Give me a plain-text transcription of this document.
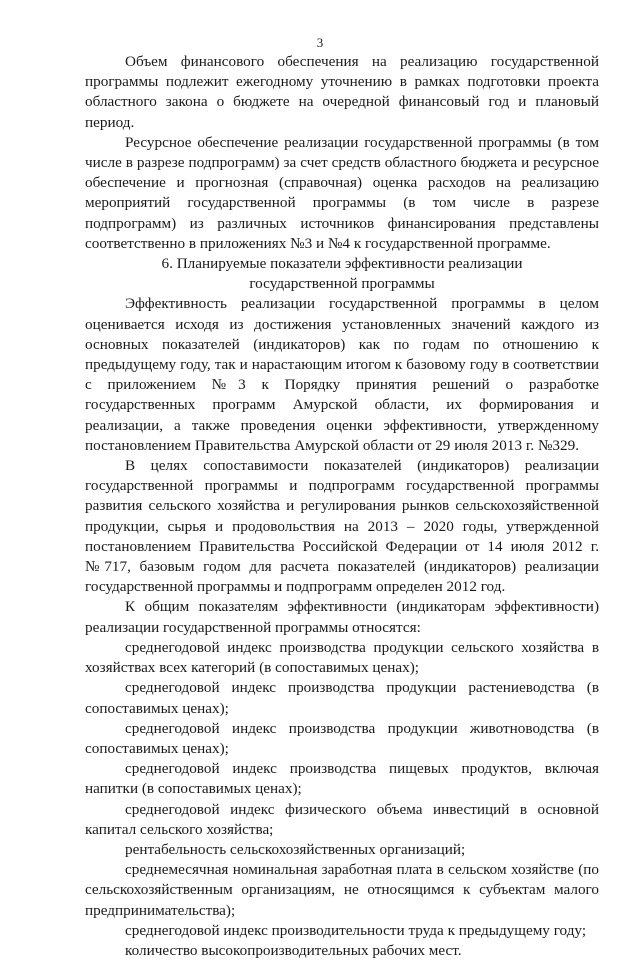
3

Объем финансового обеспечения на реализацию государственной программы подлежит ежегодному уточнению в рамках подготовки проекта областного закона о бюджете на очередной финансовый год и плановый период.

Ресурсное обеспечение реализации государственной программы (в том числе в разрезе подпрограмм) за счет средств областного бюджета и ресурсное обеспечение и прогнозная (справочная) оценка расходов на реализацию мероприятий государственной программы (в том числе в разрезе подпрограмм) из различных источников финансирования представлены соответственно в приложениях №3 и №4 к государственной программе.

6. Планируемые показатели эффективности реализации
государственной программы

Эффективность реализации государственной программы в целом оценивается исходя из достижения установленных значений каждого из основных показателей (индикаторов) как по годам по отношению к предыдущему году, так и нарастающим итогом к базовому году в соответствии с приложением №3 к Порядку принятия решений о разработке государственных программ Амурской области, их формирования и реализации, а также проведения оценки эффективности, утвержденному постановлением Правительства Амурской области от 29 июля 2013 г. №329.

В целях сопоставимости показателей (индикаторов) реализации государственной программы и подпрограмм государственной программы развития сельского хозяйства и регулирования рынков сельскохозяйственной продукции, сырья и продовольствия на 2013 – 2020 годы, утвержденной постановлением Правительства Российской Федерации от 14 июля 2012 г. №717, базовым годом для расчета показателей (индикаторов) реализации государственной программы и подпрограмм определен 2012 год.

К общим показателям эффективности (индикаторам эффективности) реализации государственной программы относятся:

среднегодовой индекс производства продукции сельского хозяйства в хозяйствах всех категорий (в сопоставимых ценах);

среднегодовой индекс производства продукции растениеводства (в сопоставимых ценах);

среднегодовой индекс производства продукции животноводства (в сопоставимых ценах);

среднегодовой индекс производства пищевых продуктов, включая напитки (в сопоставимых ценах);

среднегодовой индекс физического объема инвестиций в основной капитал сельского хозяйства;

рентабельность сельскохозяйственных организаций;

среднемесячная номинальная заработная плата в сельском хозяйстве (по сельскохозяйственным организациям, не относящимся к субъектам малого предпринимательства);

среднегодовой индекс производительности труда к предыдущему году;

количество высокопроизводительных рабочих мест.
